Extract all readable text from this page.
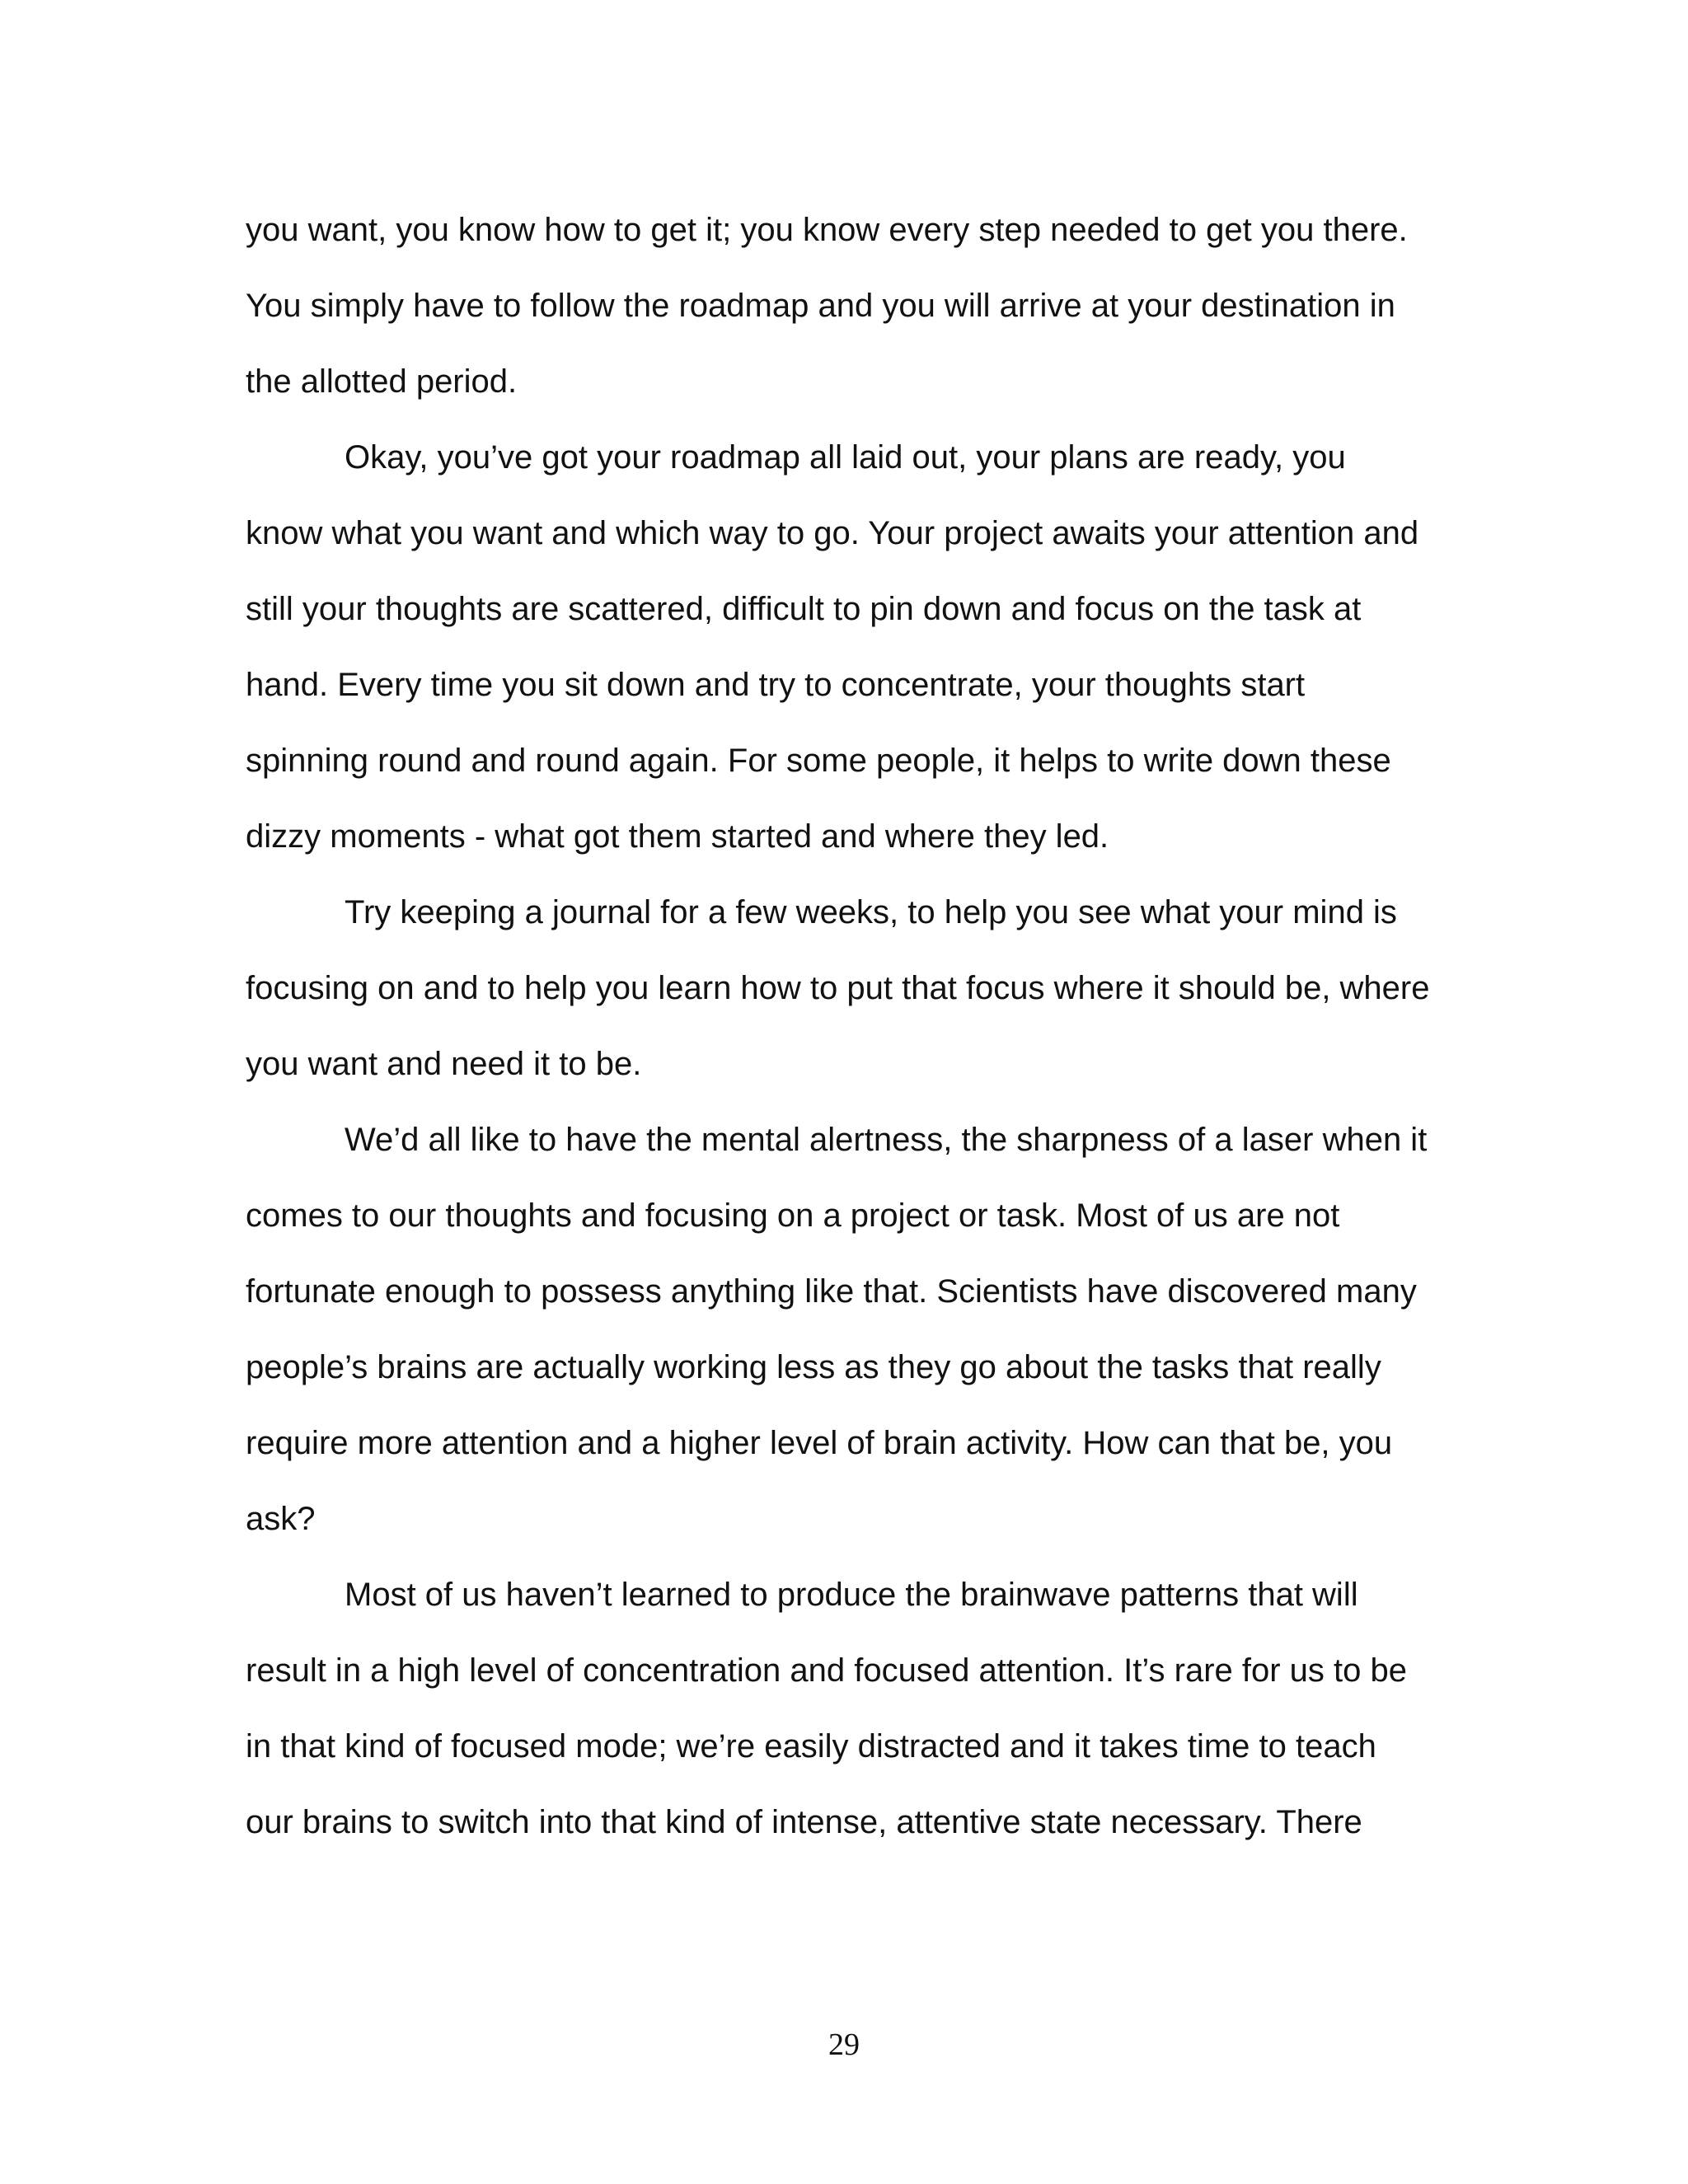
you want, you know how to get it; you know every step needed to get you there.
You simply have to follow the roadmap and you will arrive at your destination in
the allotted period.

Okay, you’ve got your roadmap all laid out, your plans are ready, you
know what you want and which way to go. Your project awaits your attention and
still your thoughts are scattered, difficult to pin down and focus on the task at
hand. Every time you sit down and try to concentrate, your thoughts start
spinning round and round again. For some people, it helps to write down these
dizzy moments - what got them started and where they led.

Try keeping a journal for a few weeks, to help you see what your mind is
focusing on and to help you learn how to put that focus where it should be, where
you want and need it to be.

We’d all like to have the mental alertness, the sharpness of a laser when it
comes to our thoughts and focusing on a project or task. Most of us are not
fortunate enough to possess anything like that. Scientists have discovered many
people’s brains are actually working less as they go about the tasks that really
require more attention and a higher level of brain activity. How can that be, you
ask?

Most of us haven’t learned to produce the brainwave patterns that will
result in a high level of concentration and focused attention. It’s rare for us to be
in that kind of focused mode; we’re easily distracted and it takes time to teach
our brains to switch into that kind of intense, attentive state necessary. There

29
